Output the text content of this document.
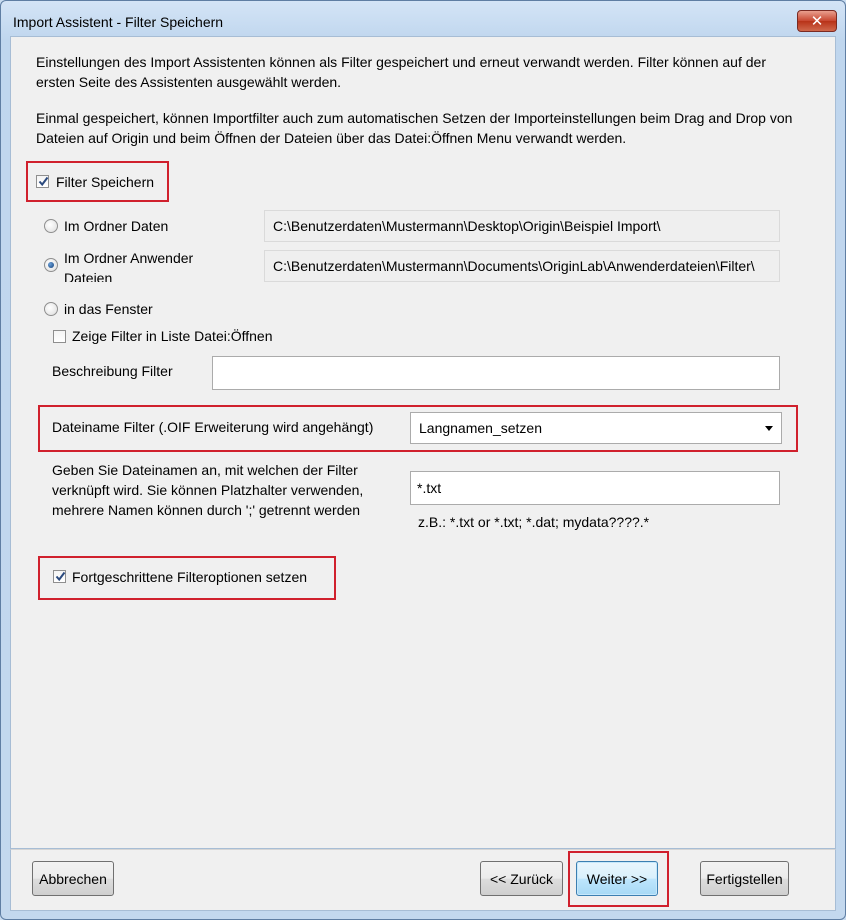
Import Assistent - Filter Speichern	✕
Einstellungen des Import Assistenten können als Filter gespeichert und erneut verwandt werden. Filter können auf der ersten Seite des Assistenten ausgewählt werden.
Einmal gespeichert, können Importfilter auch zum automatischen Setzen der Importeinstellungen beim Drag and Drop von Dateien auf Origin und beim Öffnen der Dateien über das Datei:Öffnen Menu verwandt werden.
Filter Speichern
Im Ordner Daten	C:\Benutzerdaten\Mustermann\Desktop\Origin\Beispiel Import\
Im Ordner Anwender Dateien
C:\Benutzerdaten\Mustermann\Documents\OriginLab\Anwenderdateien\Filter\
in das Fenster
Zeige Filter in Liste Datei:Öffnen
Beschreibung Filter
Dateiname Filter (.OIF Erweiterung wird angehängt)	Langnamen_setzen
Geben Sie Dateinamen an, mit welchen der Filter verknüpft wird. Sie können Platzhalter verwenden, mehrere Namen können durch ';' getrennt werden
*.txt
z.B.: *.txt or *.txt; *.dat; mydata????.*
Fortgeschrittene Filteroptionen setzen
Abbrechen	<< Zurück	Weiter >>	Fertigstellen
